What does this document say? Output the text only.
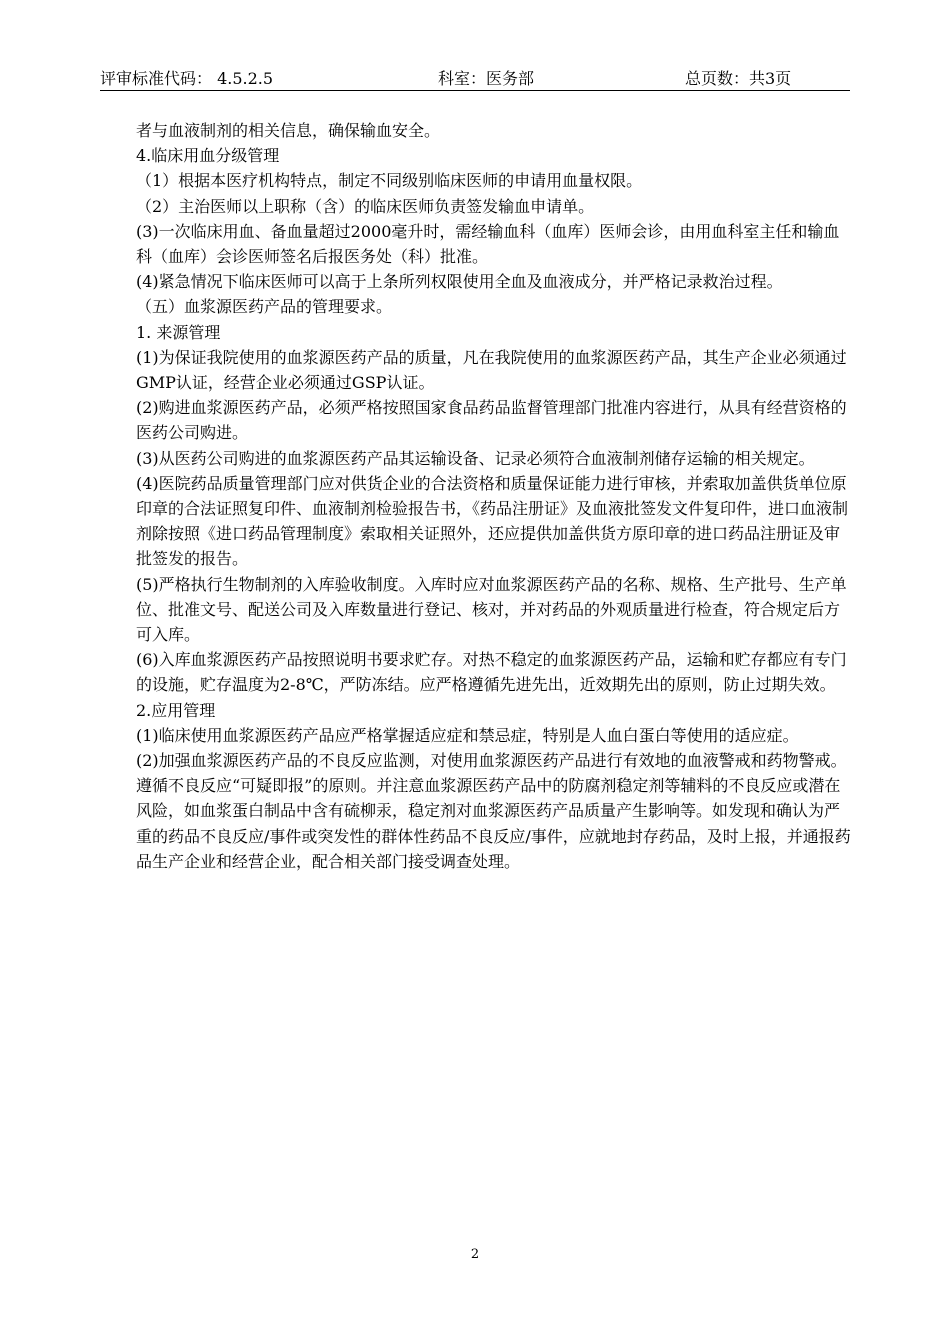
评审标准代码： 4.5.2.5	科室：医务部	总页数：共3页

者与血液制剂的相关信息，确保输血安全。

4.临床用血分级管理

（1）根据本医疗机构特点，制定不同级别临床医师的申请用血量权限。

（2）主治医师以上职称（含）的临床医师负责签发输血申请单。

(3)一次临床用血、备血量超过2000毫升时，需经输血科（血库）医师会诊，由用血科室主任和输血科（血库）会诊医师签名后报医务处（科）批准。

(4)紧急情况下临床医师可以高于上条所列权限使用全血及血液成分，并严格记录救治过程。

（五）血浆源医药产品的管理要求。

1. 来源管理

(1)为保证我院使用的血浆源医药产品的质量，凡在我院使用的血浆源医药产品，其生产企业必须通过GMP认证，经营企业必须通过GSP认证。

(2)购进血浆源医药产品，必须严格按照国家食品药品监督管理部门批准内容进行，从具有经营资格的医药公司购进。

(3)从医药公司购进的血浆源医药产品其运输设备、记录必须符合血液制剂储存运输的相关规定。

(4)医院药品质量管理部门应对供货企业的合法资格和质量保证能力进行审核，并索取加盖供货单位原印章的合法证照复印件、血液制剂检验报告书，《药品注册证》及血液批签发文件复印件，进口血液制剂除按照《进口药品管理制度》索取相关证照外，还应提供加盖供货方原印章的进口药品注册证及审批签发的报告。

(5)严格执行生物制剂的入库验收制度。入库时应对血浆源医药产品的名称、规格、生产批号、生产单位、批准文号、配送公司及入库数量进行登记、核对，并对药品的外观质量进行检查，符合规定后方可入库。

(6)入库血浆源医药产品按照说明书要求贮存。对热不稳定的血浆源医药产品，运输和贮存都应有专门的设施，贮存温度为2-8℃，严防冻结。应严格遵循先进先出，近效期先出的原则，防止过期失效。

2.应用管理

(1)临床使用血浆源医药产品应严格掌握适应症和禁忌症，特别是人血白蛋白等使用的适应症。

(2)加强血浆源医药产品的不良反应监测，对使用血浆源医药产品进行有效地的血液警戒和药物警戒。遵循不良反应“可疑即报”的原则。并注意血浆源医药产品中的防腐剂稳定剂等辅料的不良反应或潜在风险，如血浆蛋白制品中含有硫柳汞，稳定剂对血浆源医药产品质量产生影响等。如发现和确认为严重的药品不良反应/事件或突发性的群体性药品不良反应/事件，应就地封存药品，及时上报，并通报药品生产企业和经营企业，配合相关部门接受调查处理。

2
